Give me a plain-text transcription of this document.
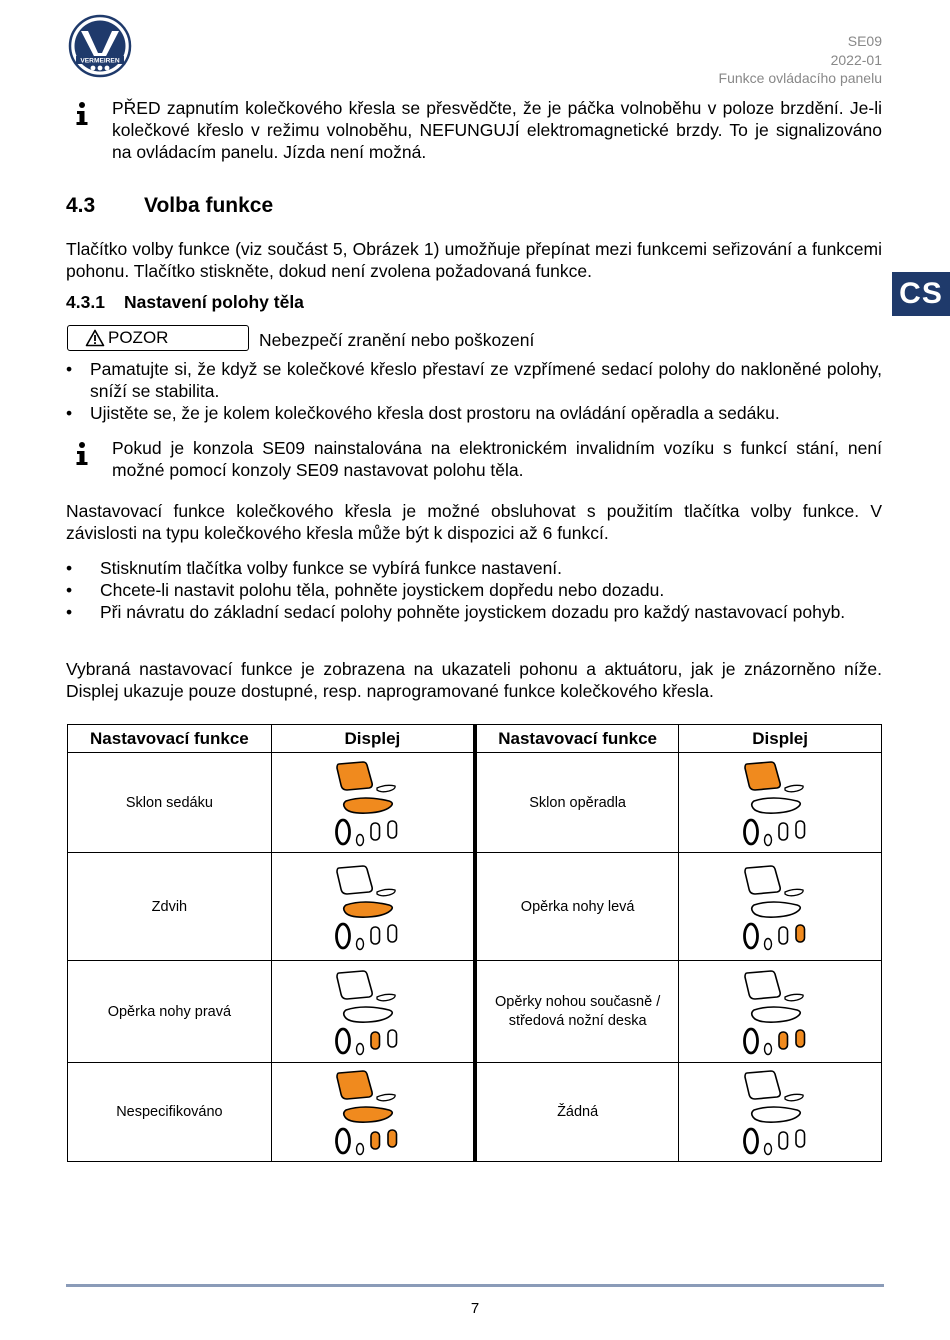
VERMEIREN
SE09
2022-01
Funkce ovládacího panelu
CS
PŘED zapnutím kolečkového křesla se přesvědčte, že je páčka volnoběhu v poloze brzdění. Je-li kolečkové křeslo v režimu volnoběhu, NEFUNGUJÍ elektromagnetické brzdy. To je signalizováno na ovládacím panelu. Jízda není možná.
4.3 Volba funkce
Tlačítko volby funkce (viz součást 5, Obrázek 1) umožňuje přepínat mezi funkcemi seřizování a funkcemi pohonu. Tlačítko stiskněte, dokud není zvolena požadovaná funkce.
4.3.1 Nastavení polohy těla
POZOR	Nebezpečí zranění nebo poškození
• Pamatujte si, že když se kolečkové křeslo přestaví ze vzpřímené sedací polohy do nakloněné polohy, sníží se stabilita.
• Ujistěte se, že je kolem kolečkového křesla dost prostoru na ovládání opěradla a sedáku.
Pokud je konzola SE09 nainstalována na elektronickém invalidním vozíku s funkcí stání, není možné pomocí konzoly SE09 nastavovat polohu těla.
Nastavovací funkce kolečkového křesla je možné obsluhovat s použitím tlačítka volby funkce. V závislosti na typu kolečkového křesla může být k dispozici až 6 funkcí.
• Stisknutím tlačítka volby funkce se vybírá funkce nastavení.
• Chcete-li nastavit polohu těla, pohněte joystickem dopředu nebo dozadu.
• Při návratu do základní sedací polohy pohněte joystickem dozadu pro každý nastavovací pohyb.
Vybraná nastavovací funkce je zobrazena na ukazateli pohonu a aktuátoru, jak je znázorněno níže. Displej ukazuje pouze dostupné, resp. naprogramované funkce kolečkového křesla.
Nastavovací funkce	Displej	Nastavovací funkce	Displej
Sklon sedáku		Sklon opěradla	

Zdvih		Opěrka nohy levá	

Opěrka nohy pravá		Opěrky nohou současně / středová nožní deska	

Nespecifikováno		Žádná	
7
